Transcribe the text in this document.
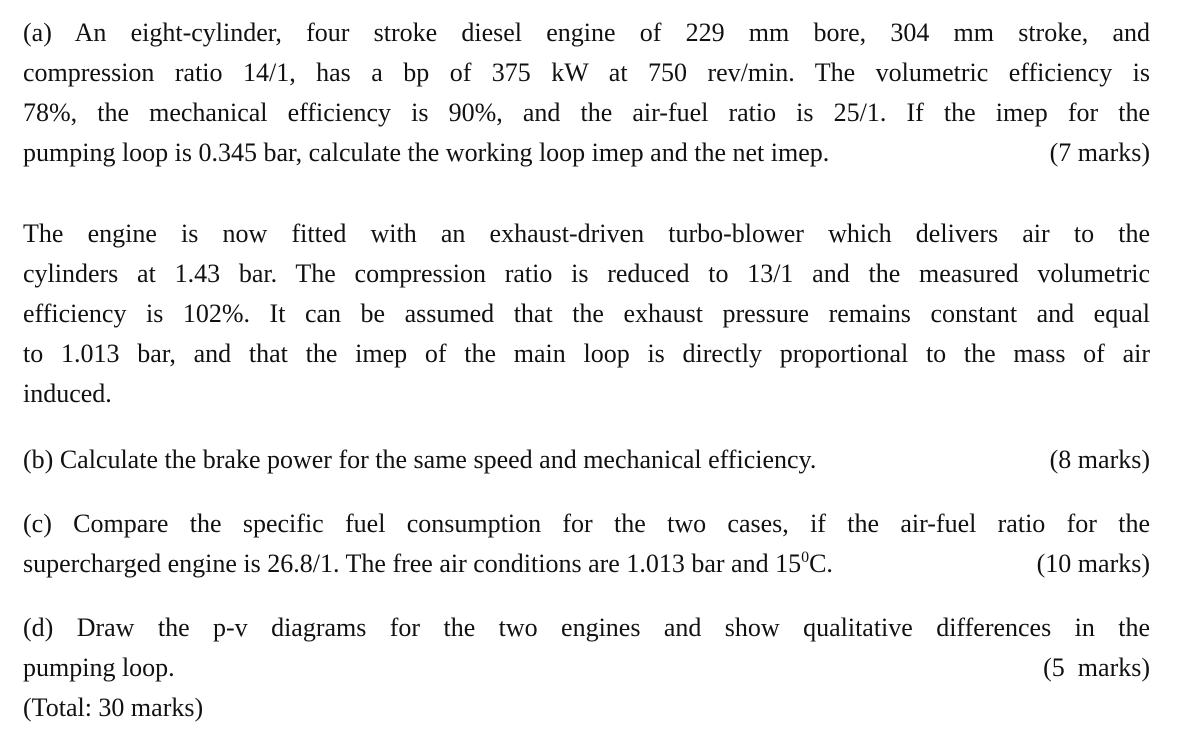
(a) An eight-cylinder, four stroke diesel engine of 229 mm bore, 304 mm stroke, and
compression ratio 14/1, has a bp of 375 kW at 750 rev/min. The volumetric efficiency is
78%, the mechanical efficiency is 90%, and the air-fuel ratio is 25/1. If the imep for the
pumping loop is 0.345 bar, calculate the working loop imep and the net imep.	(7 marks)
The engine is now fitted with an exhaust-driven turbo-blower which delivers air to the
cylinders at 1.43 bar. The compression ratio is reduced to 13/1 and the measured volumetric
efficiency is 102%. It can be assumed that the exhaust pressure remains constant and equal
to 1.013 bar, and that the imep of the main loop is directly proportional to the mass of air
induced.
(b) Calculate the brake power for the same speed and mechanical efficiency.	(8 marks)
(c) Compare the specific fuel consumption for the two cases, if the air-fuel ratio for the
supercharged engine is 26.8/1. The free air conditions are 1.013 bar and $15^0C$.	(10 marks)
(d) Draw the p-v diagrams for the two engines and show qualitative differences in the
pumping loop.	(5  marks)
(Total: 30 marks)
